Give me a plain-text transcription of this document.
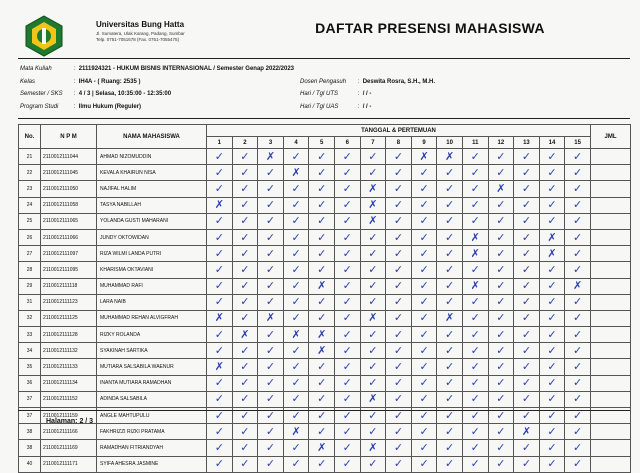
Universitas Bung Hatta
Jl. Sumatera, Ulak Karang, Padang, Sumbar
Telp. 0751-7051678 (Fax. 0751-7055475)
DAFTAR PRESENSI MAHASISWA
Mata Kuliah	:  2111924321 - HUKUM BISNIS INTERNASIONAL / Semester Genap 2022/2023
Kelas	:  IH4A - ( Ruang: 2535 )
Semester / SKS :  4 / 3 | Selasa, 10:35:00 - 12:35:00
Program Studi	:  Ilmu Hukum (Reguler)
Dosen Pengasuh :  Deswita Rosra, S.H., M.H.
Hari / Tgl UTS	:  / / -
Hari / Tgl UAS	:  / / -
No.	N P M	NAMA MAHASISWA	TANGGAL & PERTEMUAN															JML
			1	2	3	4	5	6	7	8	9	10	11	12	13	14	15	
21	2110012111044	AHMAD NIZOMUDDIN	✓	✓	✗	✓	✓	✓	✓	✓	✗	✗	✓	✓	✓	✓	✓	
22	2110012111045	KEVALA KHAIRUN NISA	✓	✓	✓	✗	✓	✓	✓	✓	✓	✓	✓	✓	✓	✓	✓	
23	2110012111050	NAJIFAL HALIM	✓	✓	✓	✓	✓	✓	✗	✓	✓	✓	✓	✗	✓	✓	✓	
24	2110012111058	TASYA NABILLAH	✗	✓	✓	✓	✓	✓	✗	✓	✓	✓	✓	✓	✓	✓	✓	
25	2110012111065	YOLANDA GUSTI MAHARANI	✓	✓	✓	✓	✓	✓	✗	✓	✓	✓	✓	✓	✓	✓	✓	
26	2110012111066	JUNDY OKTOWIDAN	✓	✓	✓	✓	✓	✓	✓	✓	✓	✓	✗	✓	✓	✗	✓	
27	2110012111097	RIZA WILMI LANDA PUTRI	✓	✓	✓	✓	✓	✓	✓	✓	✓	✓	✗	✓	✓	✗	✓	
28	2110012111095	KHARISMA OKTAVIANI	✓	✓	✓	✓	✓	✓	✓	✓	✓	✓	✓	✓	✓	✓	✓	
29	2110012111118	MUHAMMAD RAFI	✓	✓	✓	✓	✗	✓	✓	✓	✓	✓	✗	✓	✓	✓	✗	
31	2110012111123	LARA NAIB	✓	✓	✓	✓	✓	✓	✓	✓	✓	✓	✓	✓	✓	✓	✓	
32	2110012111125	MUHAMMAD REHAN ALVIGFRAH	✗	✓	✗	✓	✓	✓	✗	✓	✓	✗	✓	✓	✓	✓	✓	
33	2110012111128	RIZKY ROLANDA	✓	✗	✓	✗	✗	✓	✓	✓	✓	✓	✓	✓	✓	✓	✓	
34	2110012111132	SYAKINAH SARTIKA	✓	✓	✓	✓	✗	✓	✓	✓	✓	✓	✓	✓	✓	✓	✓	
35	2110012111133	MUTIARA SALSABILA WAENUR	✗	✓	✓	✓	✓	✓	✓	✓	✓	✓	✓	✓	✓	✓	✓	
36	2110012111134	INANTA MUTIARA RAMADHAN	✓	✓	✓	✓	✓	✓	✓	✓	✓	✓	✓	✓	✓	✓	✓	
37	2110012111152	ADINDA SALSABILA	✓	✓	✓	✓	✓	✓	✗	✓	✓	✓	✓	✓	✓	✓	✓	
37	2110012111159	ANGLE MAHTUPULU	✓	✓	✓	✓	✓	✓	✓	✓	✓	✓	✓	✓	✓	✓	✓	
38	2110012111166	FAKHRIZZI RIZKI PRATAMA	✓	✓	✓	✗	✓	✓	✓	✓	✓	✓	✓	✓	✗	✓	✓	
38	2110012111169	RAMADHAN FITRIANDYAH	✓	✓	✓	✓	✗	✓	✗	✓	✓	✓	✓	✓	✓	✓	✓	
40	2110012111171	SYIFA AHESRA JASMINE	✓	✓	✓	✓	✓	✓	✓	✓	✓	✓	✓	✓	✓	✓	✓	
Halaman: 2 / 3
